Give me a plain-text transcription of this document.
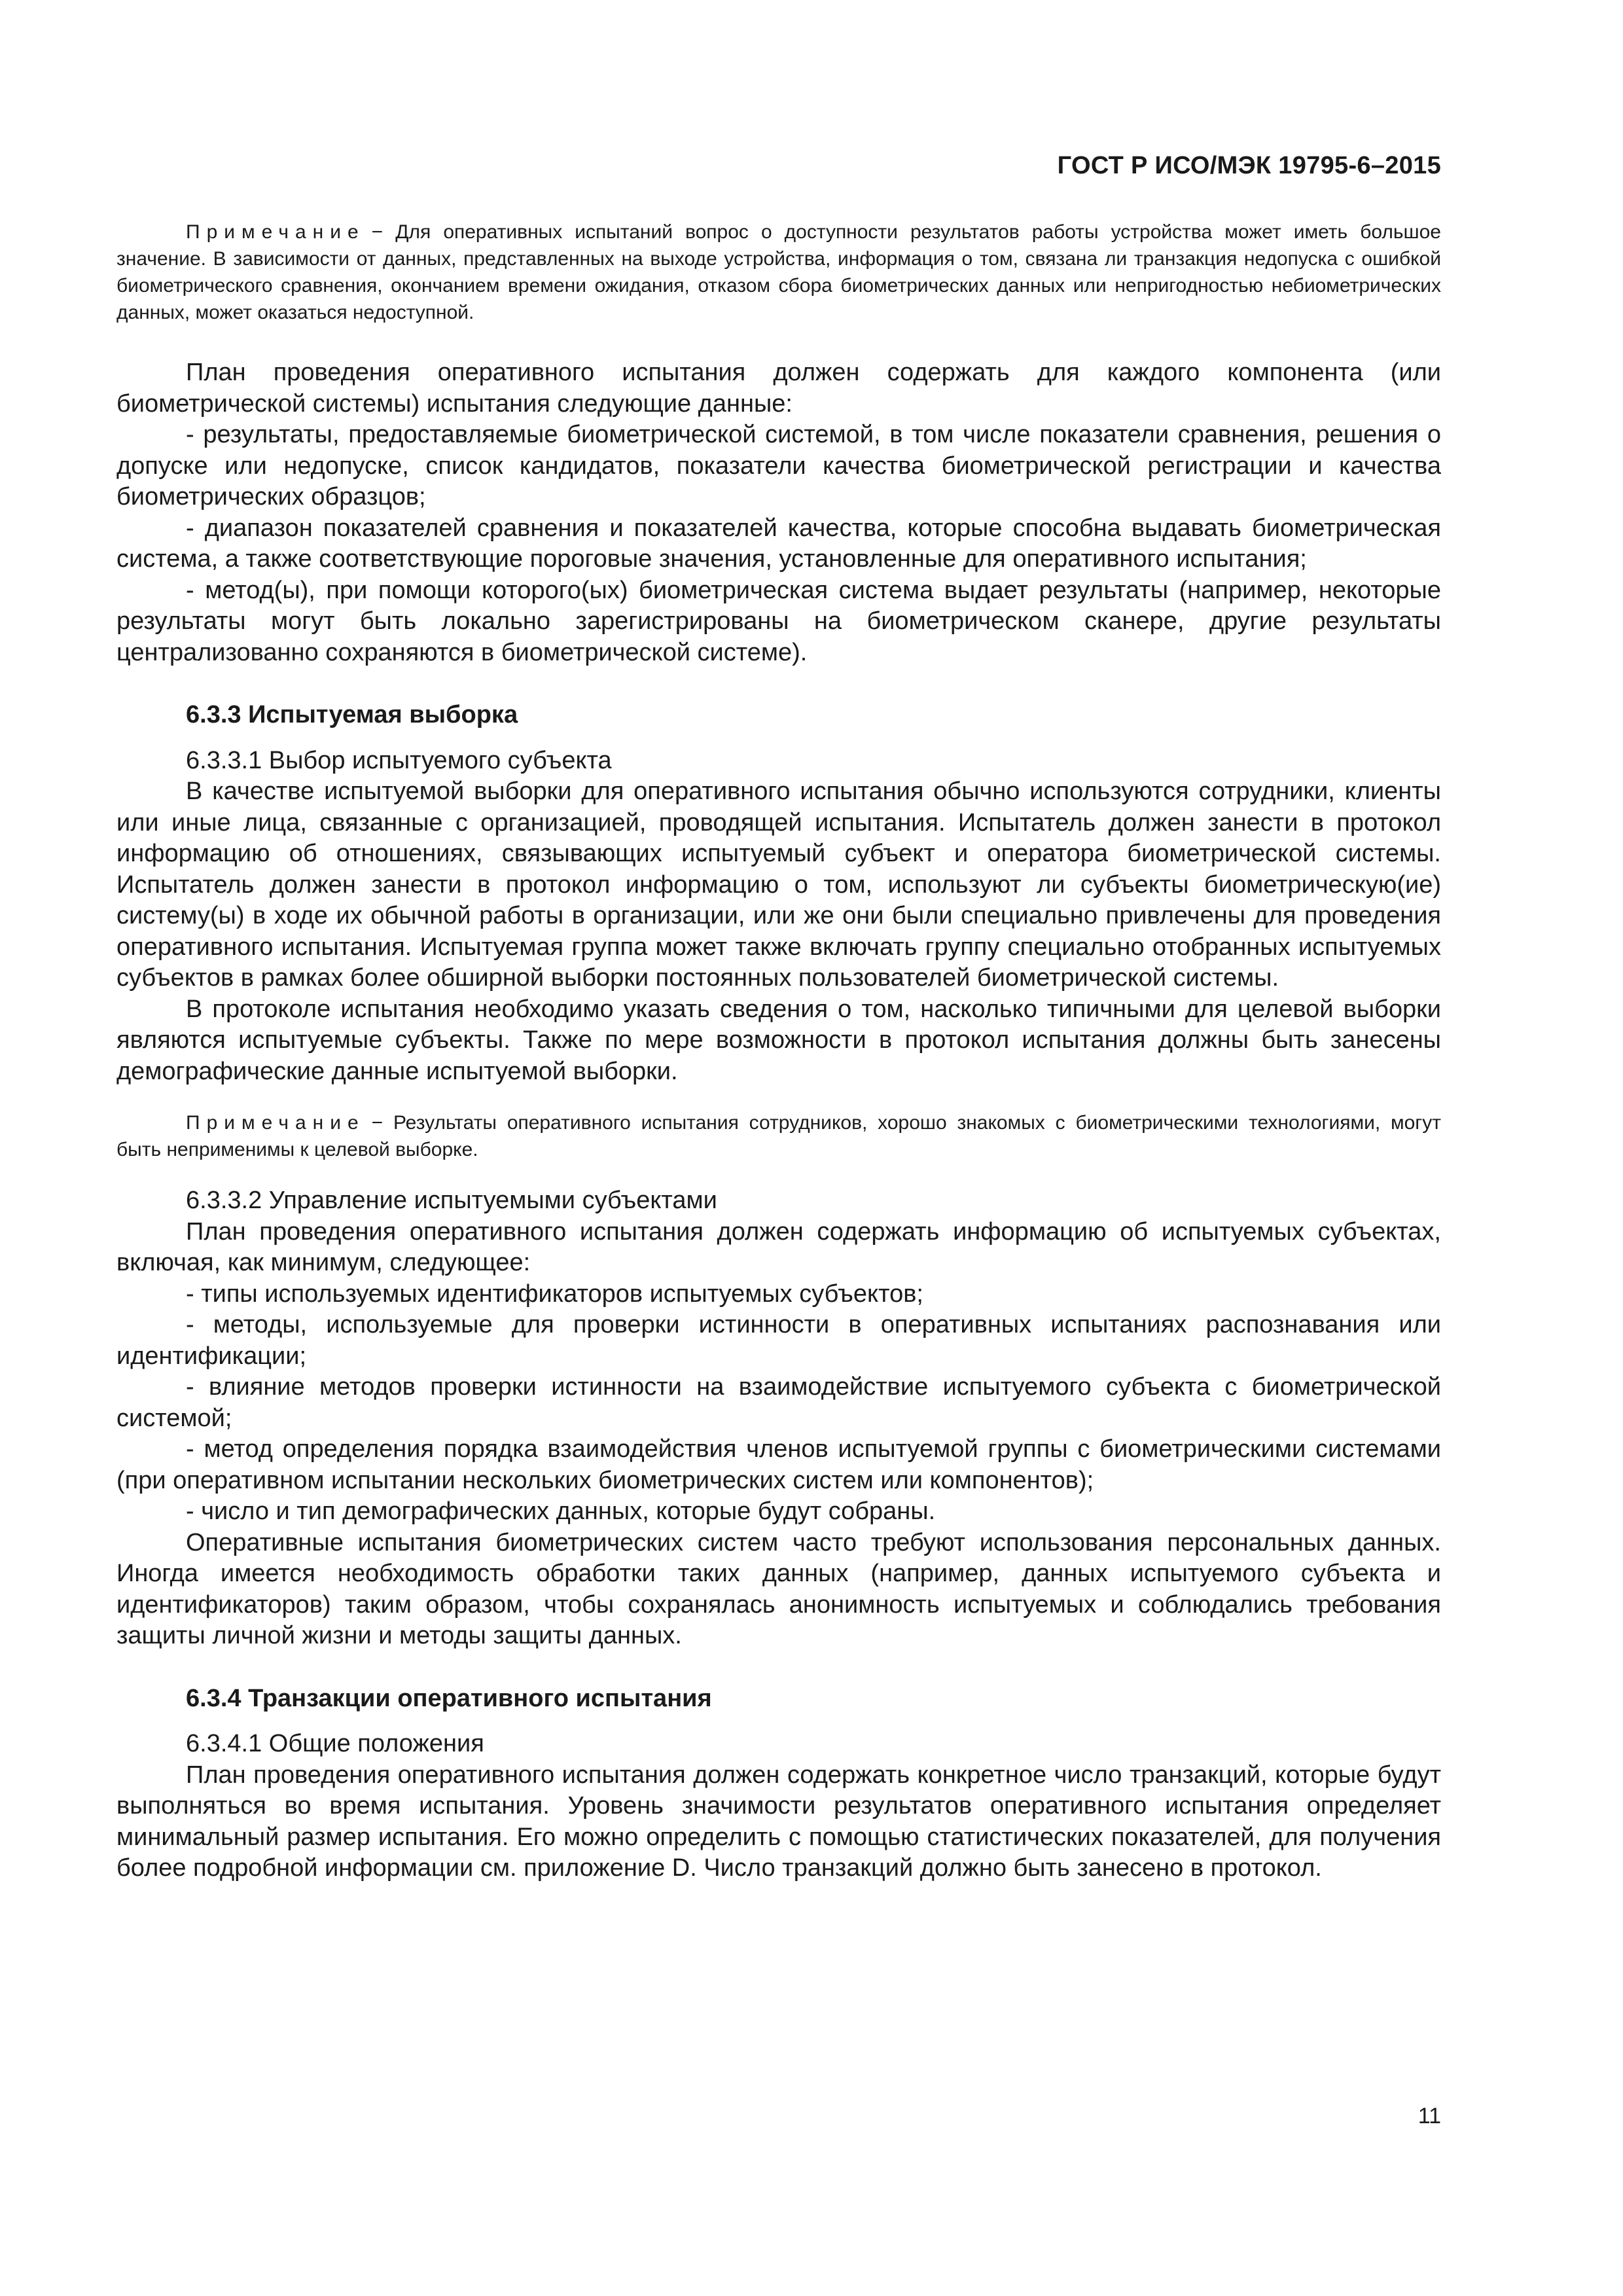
ГОСТ Р ИСО/МЭК 19795-6–2015

Примечание − Для оперативных испытаний вопрос о доступности результатов работы устройства может иметь большое значение. В зависимости от данных, представленных на выходе устройства, информация о том, связана ли транзакция недопуска с ошибкой биометрического сравнения, окончанием времени ожидания, отказом сбора биометрических данных или непригодностью небиометрических данных, может оказаться недоступной.

План проведения оперативного испытания должен содержать для каждого компонента (или биометрической системы) испытания следующие данные:

- результаты, предоставляемые биометрической системой, в том числе показатели сравнения, решения о допуске или недопуске, список кандидатов, показатели качества биометрической регистрации и качества биометрических образцов;

- диапазон показателей сравнения и показателей качества, которые способна выдавать биометрическая система, а также соответствующие пороговые значения, установленные для оперативного испытания;

- метод(ы), при помощи которого(ых) биометрическая система выдает результаты (например, некоторые результаты могут быть локально зарегистрированы на биометрическом сканере, другие результаты централизованно сохраняются в биометрической системе).

6.3.3 Испытуемая выборка

6.3.3.1 Выбор испытуемого субъекта

В качестве испытуемой выборки для оперативного испытания обычно используются сотрудники, клиенты или иные лица, связанные с организацией, проводящей испытания. Испытатель должен занести в протокол информацию об отношениях, связывающих испытуемый субъект и оператора биометрической системы. Испытатель должен занести в протокол информацию о том, используют ли субъекты биометрическую(ие) систему(ы) в ходе их обычной работы в организации, или же они были специально привлечены для проведения оперативного испытания. Испытуемая группа может также включать группу специально отобранных испытуемых субъектов в рамках более обширной выборки постоянных пользователей биометрической системы.

В протоколе испытания необходимо указать сведения о том, насколько типичными для целевой выборки являются испытуемые субъекты. Также по мере возможности в протокол испытания должны быть занесены демографические данные испытуемой выборки.

Примечание − Результаты оперативного испытания сотрудников, хорошо знакомых с биометрическими технологиями, могут быть неприменимы к целевой выборке.

6.3.3.2 Управление испытуемыми субъектами

План проведения оперативного испытания должен содержать информацию об испытуемых субъектах, включая, как минимум, следующее:

- типы используемых идентификаторов испытуемых субъектов;

- методы, используемые для проверки истинности в оперативных испытаниях распознавания или идентификации;

- влияние методов проверки истинности на взаимодействие испытуемого субъекта с биометрической системой;

- метод определения порядка взаимодействия членов испытуемой группы с биометрическими системами (при оперативном испытании нескольких биометрических систем или компонентов);

- число и тип демографических данных, которые будут собраны.

Оперативные испытания биометрических систем часто требуют использования персональных данных. Иногда имеется необходимость обработки таких данных (например, данных испытуемого субъекта и идентификаторов) таким образом, чтобы сохранялась анонимность испытуемых и соблюдались требования защиты личной жизни и методы защиты данных.

6.3.4 Транзакции оперативного испытания

6.3.4.1 Общие положения

План проведения оперативного испытания должен содержать конкретное число транзакций, которые будут выполняться во время испытания. Уровень значимости результатов оперативного испытания определяет минимальный размер испытания. Его можно определить с помощью статистических показателей, для получения более подробной информации см. приложение D. Число транзакций должно быть занесено в протокол.

11
